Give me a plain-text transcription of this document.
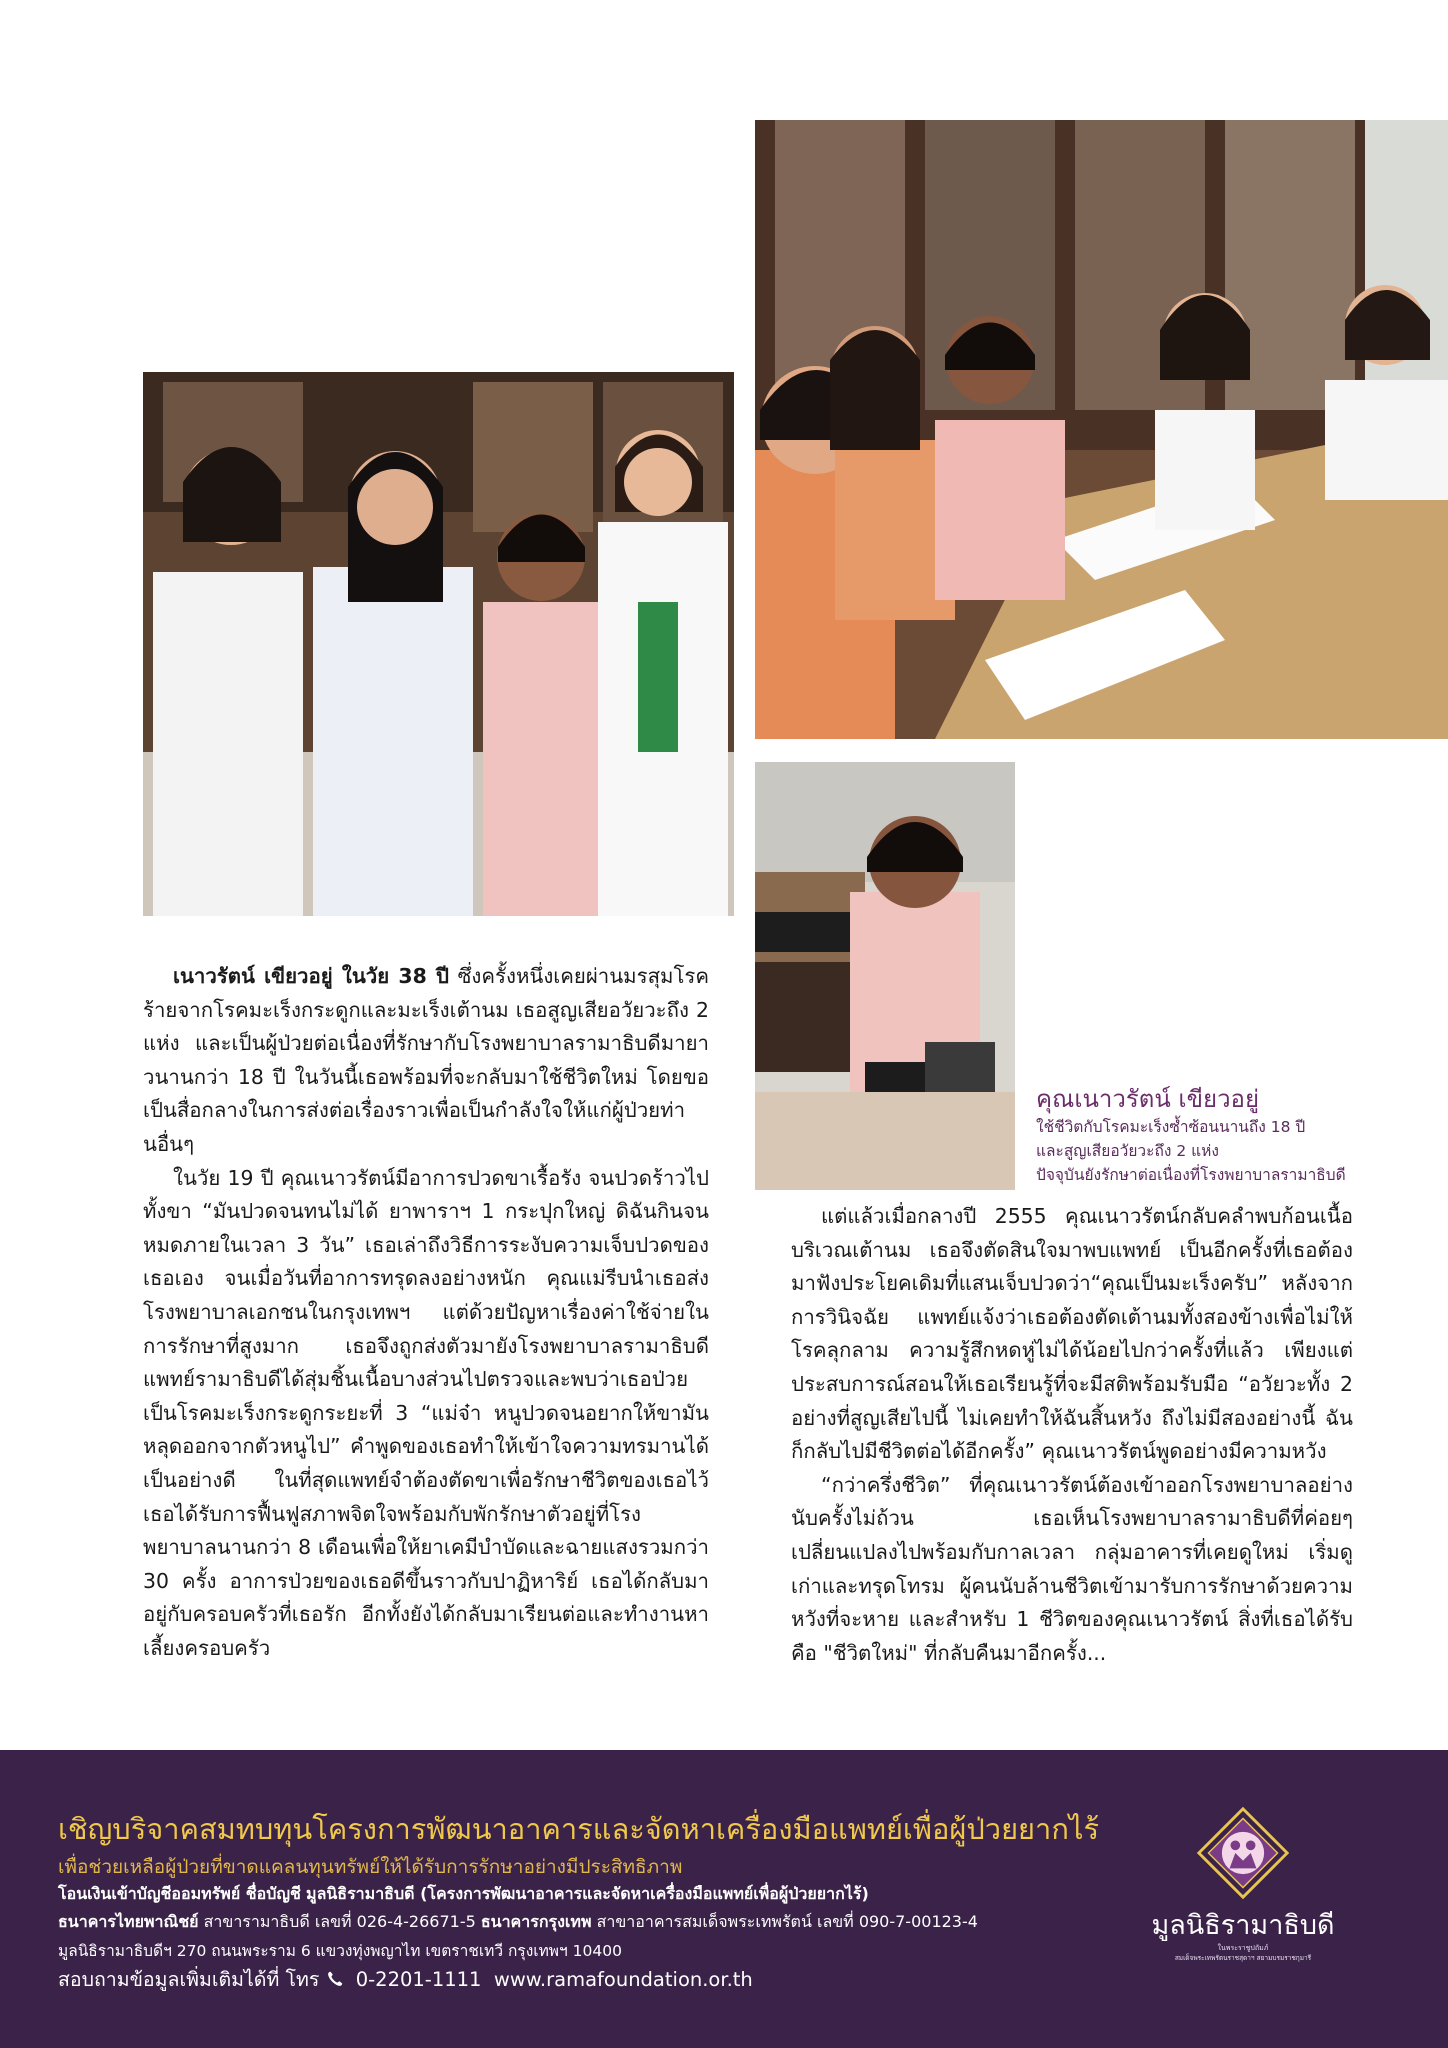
เนาวรัตน์ เขียวอยู่ ในวัย 38 ปี ซึ่งครั้งหนึ่งเคยผ่านมรสุมโรคร้ายจากโรคมะเร็งกระดูกและมะเร็งเต้านม เธอสูญเสียอวัยวะถึง 2 แห่ง และเป็นผู้ป่วยต่อเนื่องที่รักษากับโรงพยาบาลรามาธิบดีมายาวนานกว่า 18 ปี ในวันนี้เธอพร้อมที่จะกลับมาใช้ชีวิตใหม่ โดยขอเป็นสื่อกลางในการส่งต่อเรื่องราวเพื่อเป็นกำลังใจให้แก่ผู้ป่วยท่านอื่นๆ

ในวัย 19 ปี คุณเนาวรัตน์มีอาการปวดขาเรื้อรัง จนปวดร้าวไปทั้งขา “มันปวดจนทนไม่ได้ ยาพาราฯ 1 กระปุกใหญ่ ดิฉันกินจนหมดภายในเวลา 3 วัน” เธอเล่าถึงวิธีการระงับความเจ็บปวดของเธอเอง จนเมื่อวันที่อาการทรุดลงอย่างหนัก คุณแม่รีบนำเธอส่งโรงพยาบาลเอกชนในกรุงเทพฯ แต่ด้วยปัญหาเรื่องค่าใช้จ่ายในการรักษาที่สูงมาก เธอจึงถูกส่งตัวมายังโรงพยาบาลรามาธิบดี แพทย์รามาธิบดีได้สุ่มชิ้นเนื้อบางส่วนไปตรวจและพบว่าเธอป่วยเป็นโรคมะเร็งกระดูกระยะที่ 3 “แม่จ๋า หนูปวดจนอยากให้ขามันหลุดออกจากตัวหนูไป” คำพูดของเธอทำให้เข้าใจความทรมานได้เป็นอย่างดี ในที่สุดแพทย์จำต้องตัดขาเพื่อรักษาชีวิตของเธอไว้ เธอได้รับการฟื้นฟูสภาพจิตใจพร้อมกับพักรักษาตัวอยู่ที่โรงพยาบาลนานกว่า 8 เดือนเพื่อให้ยาเคมีบำบัดและฉายแสงรวมกว่า 30 ครั้ง อาการป่วยของเธอดีขึ้นราวกับปาฏิหาริย์ เธอได้กลับมาอยู่กับครอบครัวที่เธอรัก อีกทั้งยังได้กลับมาเรียนต่อและทำงานหาเลี้ยงครอบครัว

แต่แล้วเมื่อกลางปี 2555 คุณเนาวรัตน์กลับคลำพบก้อนเนื้อบริเวณเต้านม เธอจึงตัดสินใจมาพบแพทย์ เป็นอีกครั้งที่เธอต้องมาฟังประโยคเดิมที่แสนเจ็บปวดว่า“คุณเป็นมะเร็งครับ” หลังจากการวินิจฉัย แพทย์แจ้งว่าเธอต้องตัดเต้านมทั้งสองข้างเพื่อไม่ให้โรคลุกลาม ความรู้สึกหดหู่ไม่ได้น้อยไปกว่าครั้งที่แล้ว เพียงแต่ประสบการณ์สอนให้เธอเรียนรู้ที่จะมีสติพร้อมรับมือ “อวัยวะทั้ง 2 อย่างที่สูญเสียไปนี้ ไม่เคยทำให้ฉันสิ้นหวัง ถึงไม่มีสองอย่างนี้ ฉันก็กลับไปมีชีวิตต่อได้อีกครั้ง” คุณเนาวรัตน์พูดอย่างมีความหวัง

“กว่าครึ่งชีวิต” ที่คุณเนาวรัตน์ต้องเข้าออกโรงพยาบาลอย่างนับครั้งไม่ถ้วน เธอเห็นโรงพยาบาลรามาธิบดีที่ค่อยๆ เปลี่ยนแปลงไปพร้อมกับกาลเวลา กลุ่มอาคารที่เคยดูใหม่ เริ่มดูเก่าและทรุดโทรม ผู้คนนับล้านชีวิตเข้ามารับการรักษาด้วยความหวังที่จะหาย และสำหรับ 1 ชีวิตของคุณเนาวรัตน์ สิ่งที่เธอได้รับคือ "ชีวิตใหม่" ที่กลับคืนมาอีกครั้ง...

คุณเนาวรัตน์ เขียวอยู่
ใช้ชีวิตกับโรคมะเร็งซ้ำซ้อนนานถึง 18 ปี
และสูญเสียอวัยวะถึง 2 แห่ง
ปัจจุบันยังรักษาต่อเนื่องที่โรงพยาบาลรามาธิบดี
เชิญบริจาคสมทบทุนโครงการพัฒนาอาคารและจัดหาเครื่องมือแพทย์เพื่อผู้ป่วยยากไร้
เพื่อช่วยเหลือผู้ป่วยที่ขาดแคลนทุนทรัพย์ให้ได้รับการรักษาอย่างมีประสิทธิภาพ
โอนเงินเข้าบัญชีออมทรัพย์ ชื่อบัญชี มูลนิธิรามาธิบดี (โครงการพัฒนาอาคารและจัดหาเครื่องมือแพทย์เพื่อผู้ป่วยยากไร้)
ธนาคารไทยพาณิชย์ สาขารามาธิบดี เลขที่ 026-4-26671-5 ธนาคารกรุงเทพ สาขาอาคารสมเด็จพระเทพรัตน์ เลขที่ 090-7-00123-4
มูลนิธิรามาธิบดีฯ 270 ถนนพระราม 6 แขวงทุ่งพญาไท เขตราชเทวี กรุงเทพฯ 10400
สอบถามข้อมูลเพิ่มเติมได้ที่ โทร 0-2201-1111 www.ramafoundation.or.th
มูลนิธิรามาธิบดี
ในพระราชูปถัมภ์
สมเด็จพระเทพรัตนราชสุดาฯ สยามบรมราชกุมารี
